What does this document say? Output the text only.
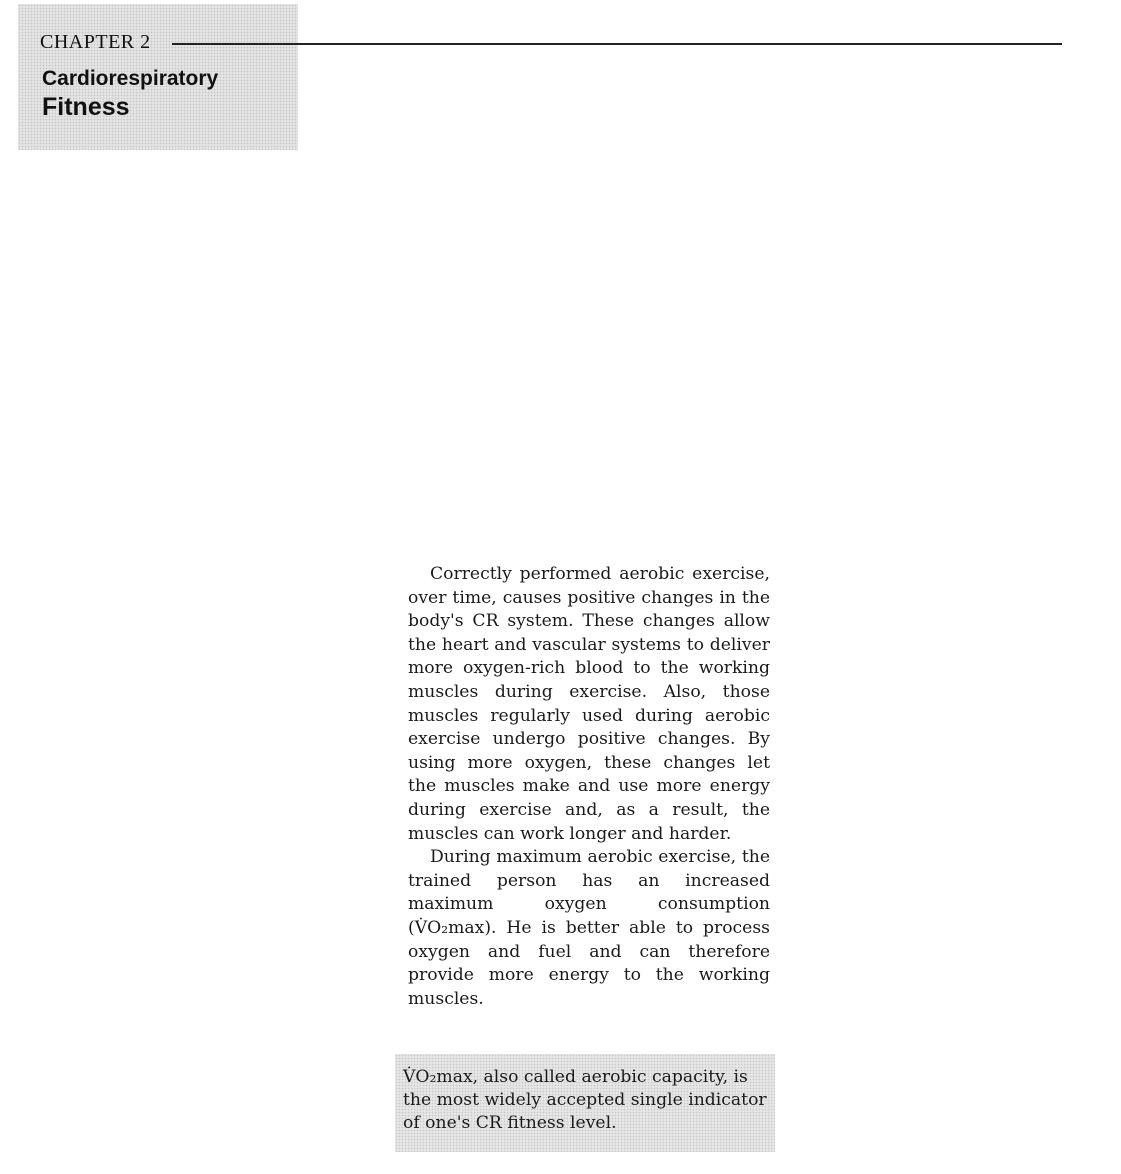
CHAPTER 2
Cardiorespiratory
Fitness

Correctly performed aerobic exercise, over time, causes positive changes in the body's CR system. These changes allow the heart and vascular systems to deliver more oxygen-rich blood to the working muscles during exercise. Also, those muscles regularly used during aerobic exercise undergo positive changes. By using more oxygen, these changes let the muscles make and use more energy during exercise and, as a result, the muscles can work longer and harder.

During maximum aerobic exercise, the trained person has an increased maximum oxygen consumption (V̇O₂max). He is better able to process oxygen and fuel and can therefore provide more energy to the working muscles.

V̇O₂max, also called aerobic capacity, is the most widely accepted single indicator of one's CR fitness level.
